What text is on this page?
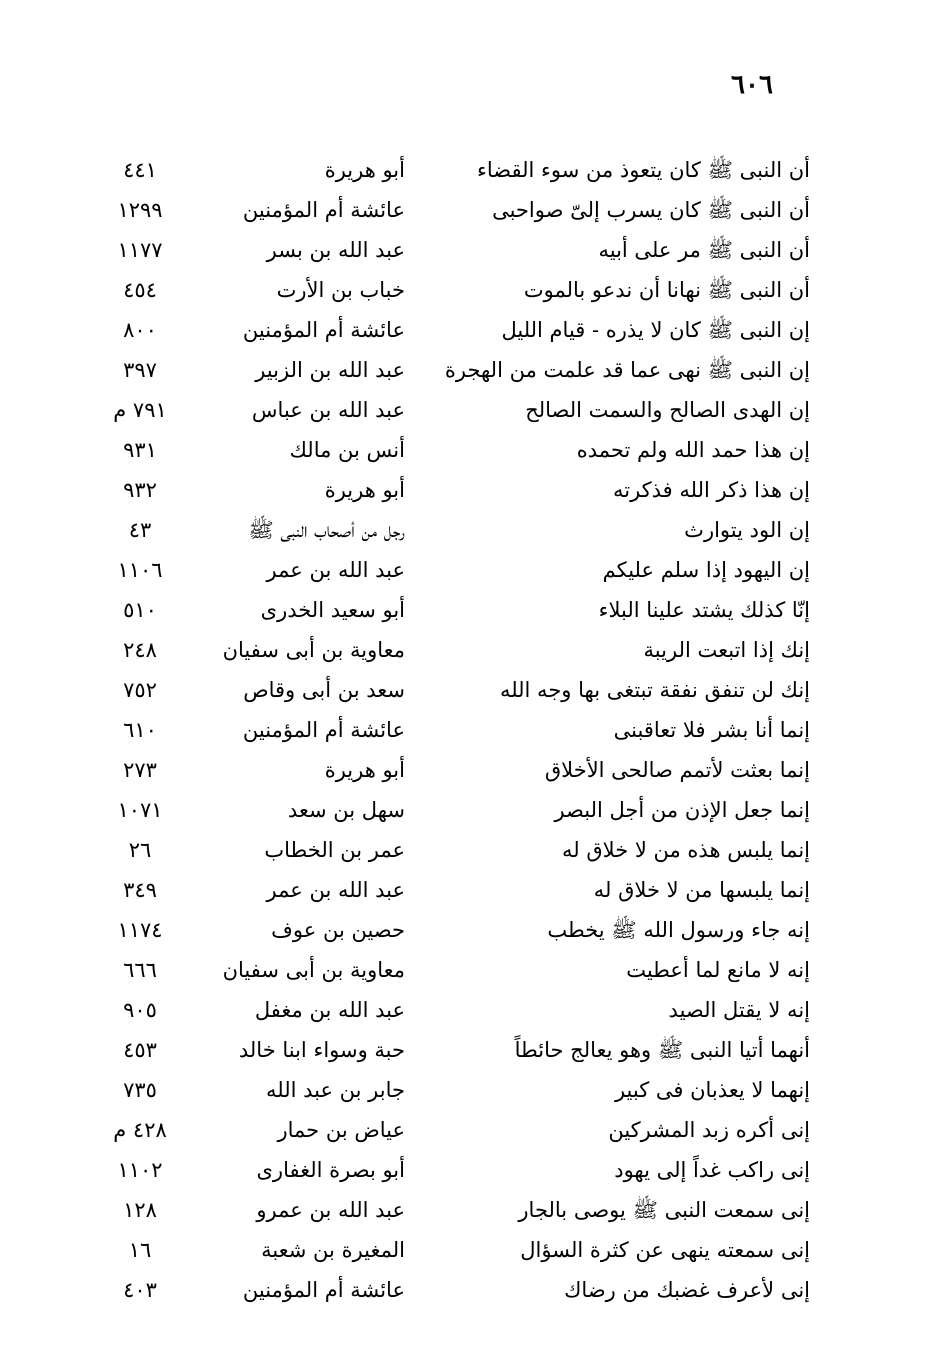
٦٠٦
أن النبى ﷺ كان يتعوذ من سوء القضاء
أبو هريرة
٤٤١
أن النبى ﷺ كان يسرب إلىّ صواحبى
عائشة أم المؤمنين
١٢٩٩
أن النبى ﷺ مر على أبيه
عبد الله بن بسر
١١٧٧
أن النبى ﷺ نهانا أن ندعو بالموت
خباب بن الأرت
٤٥٤
إن النبى ﷺ كان لا يذره - قيام الليل
عائشة أم المؤمنين
٨٠٠
إن النبى ﷺ نهى عما قد علمت من الهجرة
عبد الله بن الزبير
٣٩٧
إن الهدى الصالح والسمت الصالح
عبد الله بن عباس
٧٩١ م
إن هذا حمد الله ولم تحمده
أنس بن مالك
٩٣١
إن هذا ذكر الله فذكرته
أبو هريرة
٩٣٢
إن الود يتوارث
رجل من أصحاب النبى ﷺ
٤٣
إن اليهود إذا سلم عليكم
عبد الله بن عمر
١١٠٦
إنّا كذلك يشتد علينا البلاء
أبو سعيد الخدرى
٥١٠
إنك إذا اتبعت الريبة
معاوية بن أبى سفيان
٢٤٨
إنك لن تنفق نفقة تبتغى بها وجه الله
سعد بن أبى وقاص
٧٥٢
إنما أنا بشر فلا تعاقبنى
عائشة أم المؤمنين
٦١٠
إنما بعثت لأتمم صالحى الأخلاق
أبو هريرة
٢٧٣
إنما جعل الإذن من أجل البصر
سهل بن سعد
١٠٧١
إنما يلبس هذه من لا خلاق له
عمر بن الخطاب
٢٦
إنما يلبسها من لا خلاق له
عبد الله بن عمر
٣٤٩
إنه جاء ورسول الله ﷺ يخطب
حصين بن عوف
١١٧٤
إنه لا مانع لما أعطيت
معاوية بن أبى سفيان
٦٦٦
إنه لا يقتل الصيد
عبد الله بن مغفل
٩٠٥
أنهما أتيا النبى ﷺ وهو يعالج حائطاً
حبة وسواء ابنا خالد
٤٥٣
إنهما لا يعذبان فى كبير
جابر بن عبد الله
٧٣٥
إنى أكره زبد المشركين
عياض بن حمار
٤٢٨ م
إنى راكب غداً إلى يهود
أبو بصرة الغفارى
١١٠٢
إنى سمعت النبى ﷺ يوصى بالجار
عبد الله بن عمرو
١٢٨
إنى سمعته ينهى عن كثرة السؤال
المغيرة بن شعبة
١٦
إنى لأعرف غضبك من رضاك
عائشة أم المؤمنين
٤٠٣
